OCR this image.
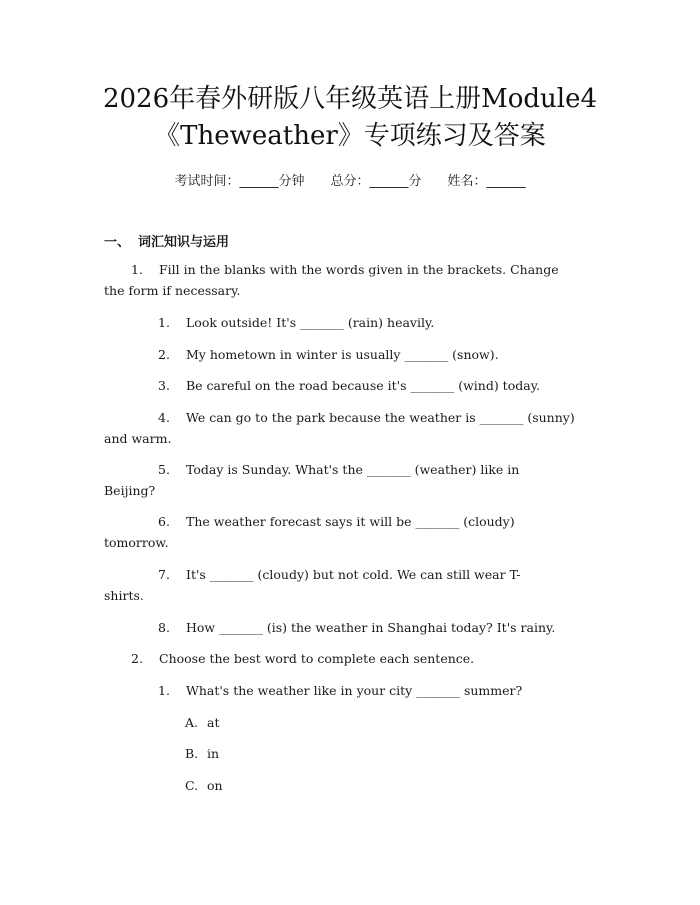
2026年春外研版八年级英语上册Module4
《Theweather》专项练习及答案
考试时间：______分钟 总分：______分 姓名：______
一、 词汇知识与运用
1. Fill in the blanks with the words given in the brackets. Change
the form if necessary.
1. Look outside! It's _______ (rain) heavily.
2. My hometown in winter is usually _______ (snow).
3. Be careful on the road because it's _______ (wind) today.
4. We can go to the park because the weather is _______ (sunny)
and warm.
5. Today is Sunday. What's the _______ (weather) like in
Beijing?
6. The weather forecast says it will be _______ (cloudy)
tomorrow.
7. It's _______ (cloudy) but not cold. We can still wear T-
shirts.
8. How _______ (is) the weather in Shanghai today? It's rainy.
2. Choose the best word to complete each sentence.
1. What's the weather like in your city _______ summer?
A. at
B. in
C. on
